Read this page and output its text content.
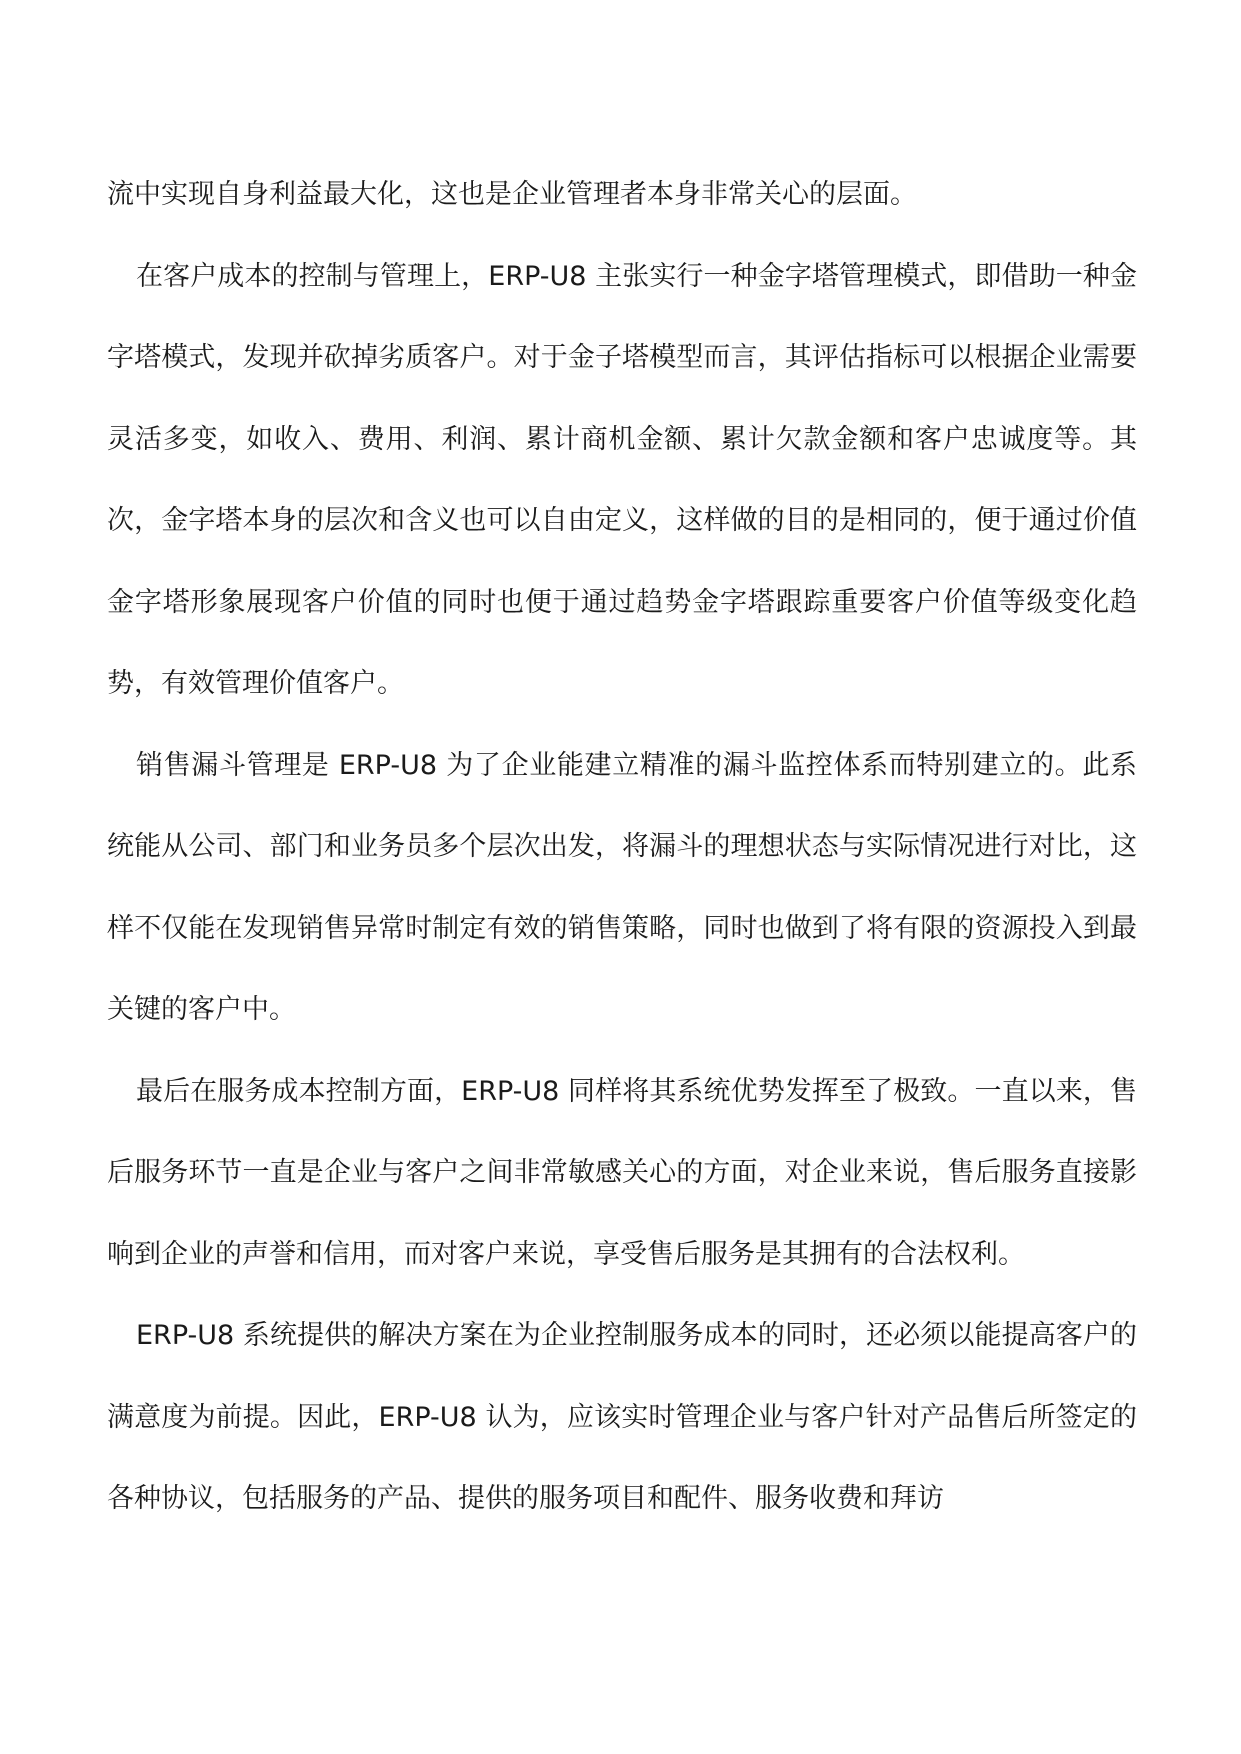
流中实现自身利益最大化，这也是企业管理者本身非常关心的层面。

在客户成本的控制与管理上，ERP-U8 主张实行一种金字塔管理模式，即借助一种金字塔模式，发现并砍掉劣质客户。对于金子塔模型而言，其评估指标可以根据企业需要灵活多变，如收入、费用、利润、累计商机金额、累计欠款金额和客户忠诚度等。其次，金字塔本身的层次和含义也可以自由定义，这样做的目的是相同的，便于通过价值金字塔形象展现客户价值的同时也便于通过趋势金字塔跟踪重要客户价值等级变化趋势，有效管理价值客户。

销售漏斗管理是 ERP-U8 为了企业能建立精准的漏斗监控体系而特别建立的。此系统能从公司、部门和业务员多个层次出发，将漏斗的理想状态与实际情况进行对比，这样不仅能在发现销售异常时制定有效的销售策略，同时也做到了将有限的资源投入到最关键的客户中。

最后在服务成本控制方面，ERP-U8 同样将其系统优势发挥至了极致。一直以来，售后服务环节一直是企业与客户之间非常敏感关心的方面，对企业来说，售后服务直接影响到企业的声誉和信用，而对客户来说，享受售后服务是其拥有的合法权利。

ERP-U8 系统提供的解决方案在为企业控制服务成本的同时，还必须以能提高客户的满意度为前提。因此，ERP-U8 认为，应该实时管理企业与客户针对产品售后所签定的各种协议，包括服务的产品、提供的服务项目和配件、服务收费和拜访
